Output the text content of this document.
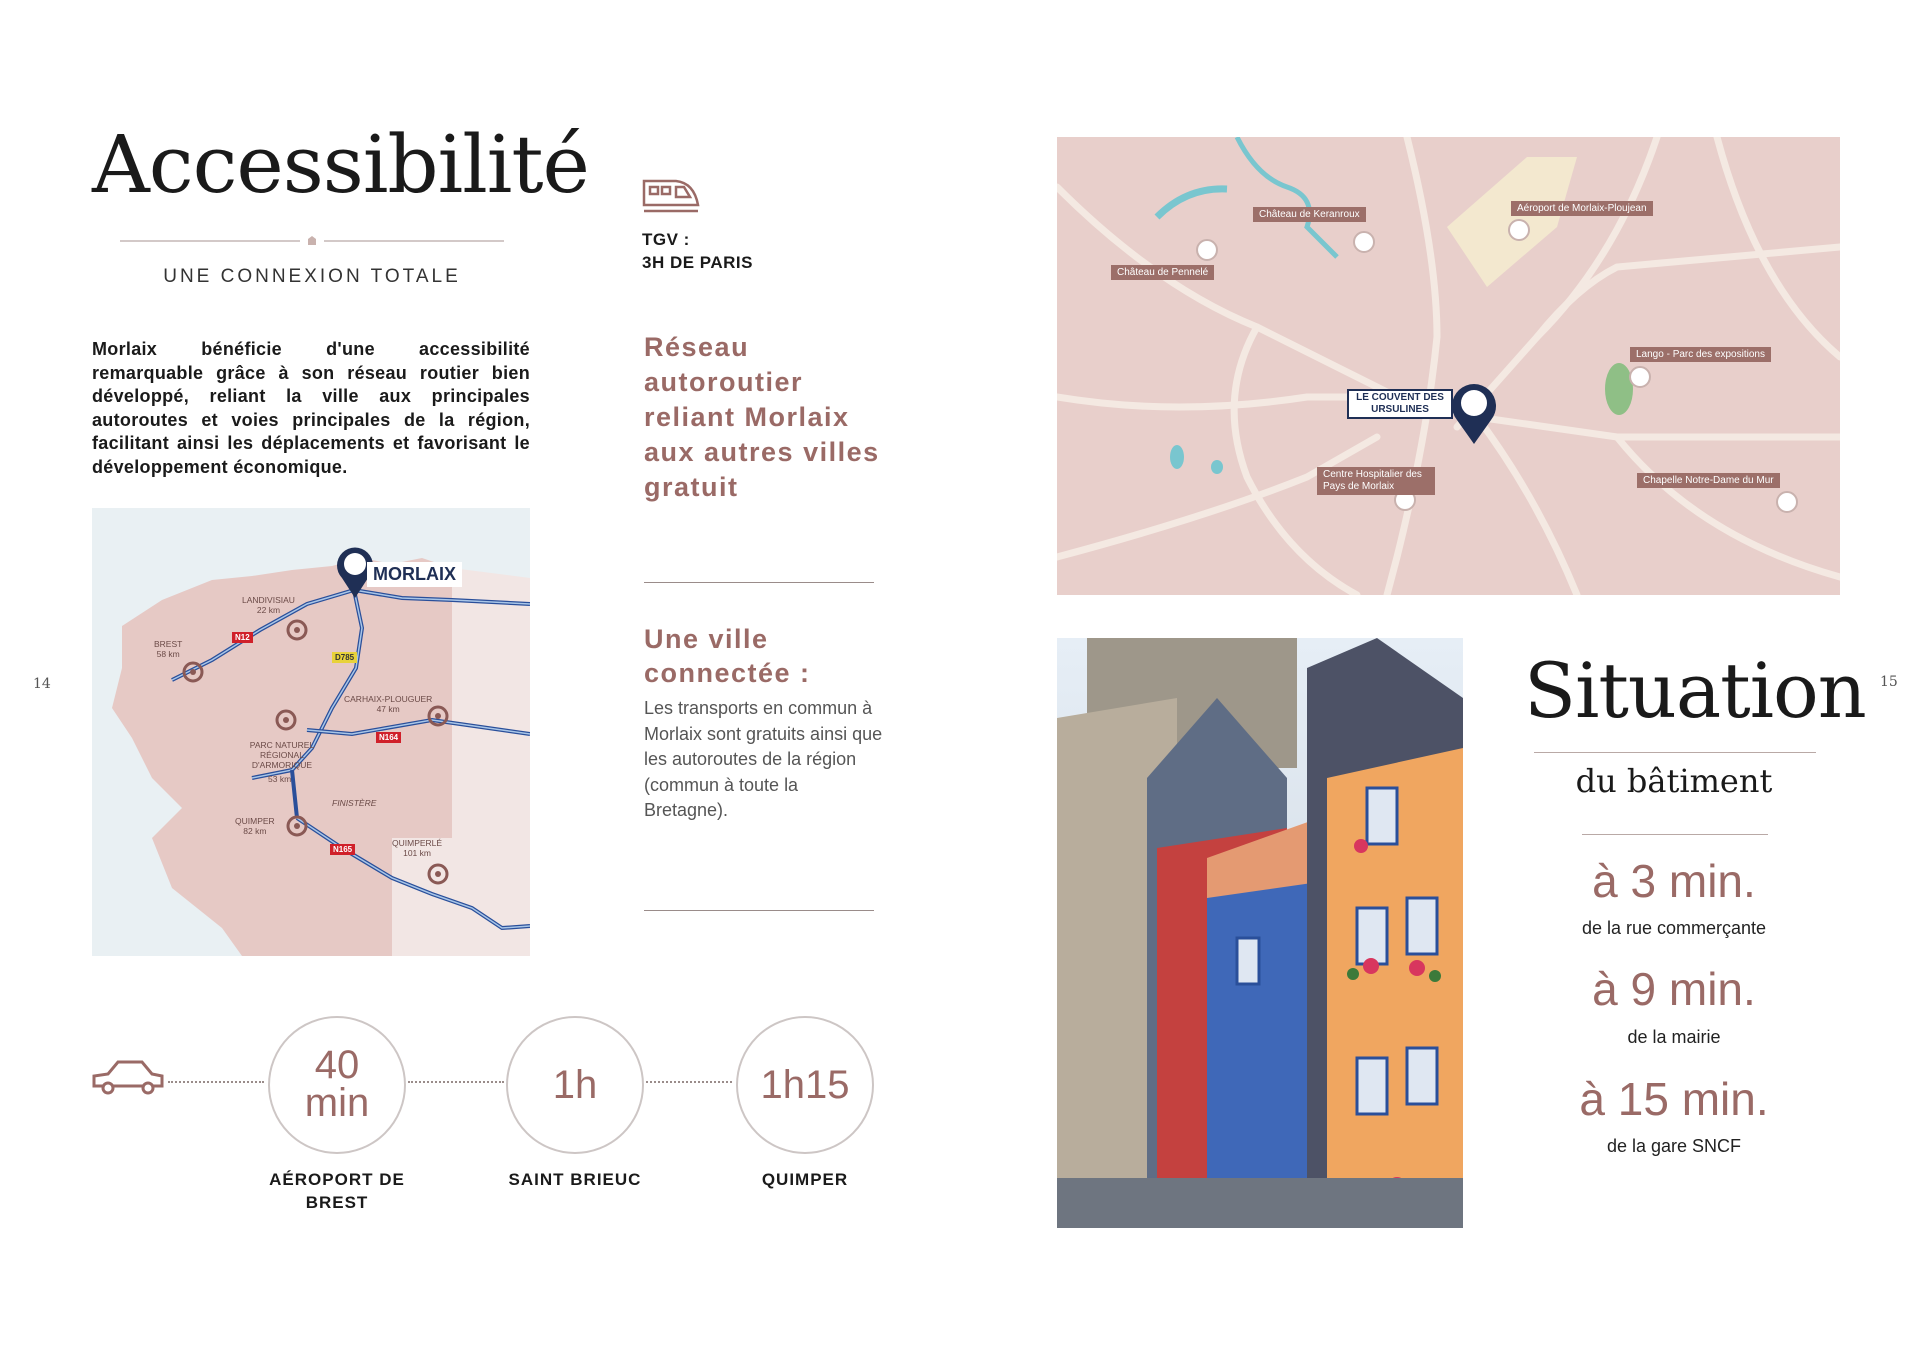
Accessibilité
UNE CONNEXION TOTALE
Morlaix bénéficie d'une accessibilité remarquable grâce à son réseau routier bien développé, reliant la ville aux principales autoroutes et voies principales de la région, facilitant ainsi les déplacements et favorisant le développement économique.
MORLAIX
LANDIVISIAU
22 km
BREST
58 km
CARHAIX-PLOUGUER
47 km
PARC NATUREL RÉGIONAL D'ARMORIQUE
53 km
QUIMPER
82 km
QUIMPERLÉ
101 km
FINISTÈRE
N12
D785
N164
N165
TGV :
3H DE PARIS
Réseau autoroutier reliant Morlaix aux autres villes gratuit
Une ville connectée :
Les transports en commun à Morlaix sont gratuits ainsi que les autoroutes de la région (commun à toute la Bretagne).
40
min
AÉROPORT DE BREST
1h
SAINT BRIEUC
1h15
QUIMPER
14
Château de Keranroux
Aéroport de Morlaix-Ploujean
Château de Pennelé
Lango - Parc des expositions
Centre Hospitalier des Pays de Morlaix
Chapelle Notre-Dame du Mur
LE COUVENT DES URSULINES
Situation
du bâtiment
à 3 min.
de la rue commerçante
à 9 min.
de la mairie
à 15 min.
de la gare SNCF
15
